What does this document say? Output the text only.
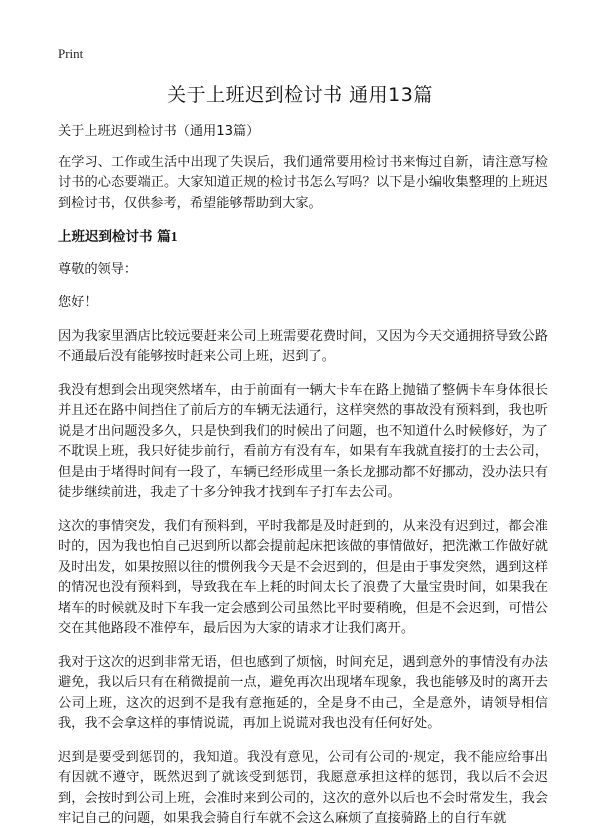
Print
关于上班迟到检讨书 通用13篇

关于上班迟到检讨书（通用13篇）

在学习、工作或生活中出现了失误后，我们通常要用检讨书来悔过自新，请注意写检讨书的心态要端正。大家知道正规的检讨书怎么写吗？以下是小编收集整理的上班迟到检讨书，仅供参考，希望能够帮助到大家。

上班迟到检讨书 篇1

尊敬的领导：

您好！

因为我家里酒店比较远要赶来公司上班需要花费时间，又因为今天交通拥挤导致公路不通最后没有能够按时赶来公司上班，迟到了。

我没有想到会出现突然堵车，由于前面有一辆大卡车在路上抛锚了整俩卡车身体很长并且还在路中间挡住了前后方的车辆无法通行，这样突然的事故没有预料到，我也听说是才出问题没多久，只是快到我们的时候出了问题，也不知道什么时候修好，为了不耽误上班，我只好徒步前行，看前方有没有车，如果有车我就直接打的士去公司，但是由于堵得时间有一段了，车辆已经形成里一条长龙挪动都不好挪动，没办法只有徒步继续前进，我走了十多分钟我才找到车子打车去公司。

这次的事情突发，我们有预料到，平时我都是及时赶到的，从来没有迟到过，都会准时的，因为我也怕自己迟到所以都会提前起床把该做的事情做好，把洗漱工作做好就及时出发，如果按照以往的惯例我今天是不会迟到的，但是由于事发突然，遇到这样的情况也没有预料到，导致我在车上耗的时间太长了浪费了大量宝贵时间，如果我在堵车的时候就及时下车我一定会感到公司虽然比平时要稍晚，但是不会迟到，可惜公交在其他路段不准停车，最后因为大家的请求才让我们离开。

我对于这次的迟到非常无语，但也感到了烦恼，时间充足，遇到意外的事情没有办法避免，我以后只有在稍微提前一点，避免再次出现堵车现象，我也能够及时的离开去公司上班，这次的迟到不是我有意拖延的，全是身不由己，全是意外，请领导相信我，我不会拿这样的事情说谎，再加上说谎对我也没有任何好处。

迟到是要受到惩罚的，我知道。我没有意见，公司有公司的·规定，我不能应给事出有因就不遵守，既然迟到了就该受到惩罚，我愿意承担这样的惩罚，我以后不会迟到，会按时到公司上班，会准时来到公司的，这次的意外以后也不会时常发生，我会牢记自己的问题，如果我会骑自行车就不会这么麻烦了直接骑路上的自行车就
